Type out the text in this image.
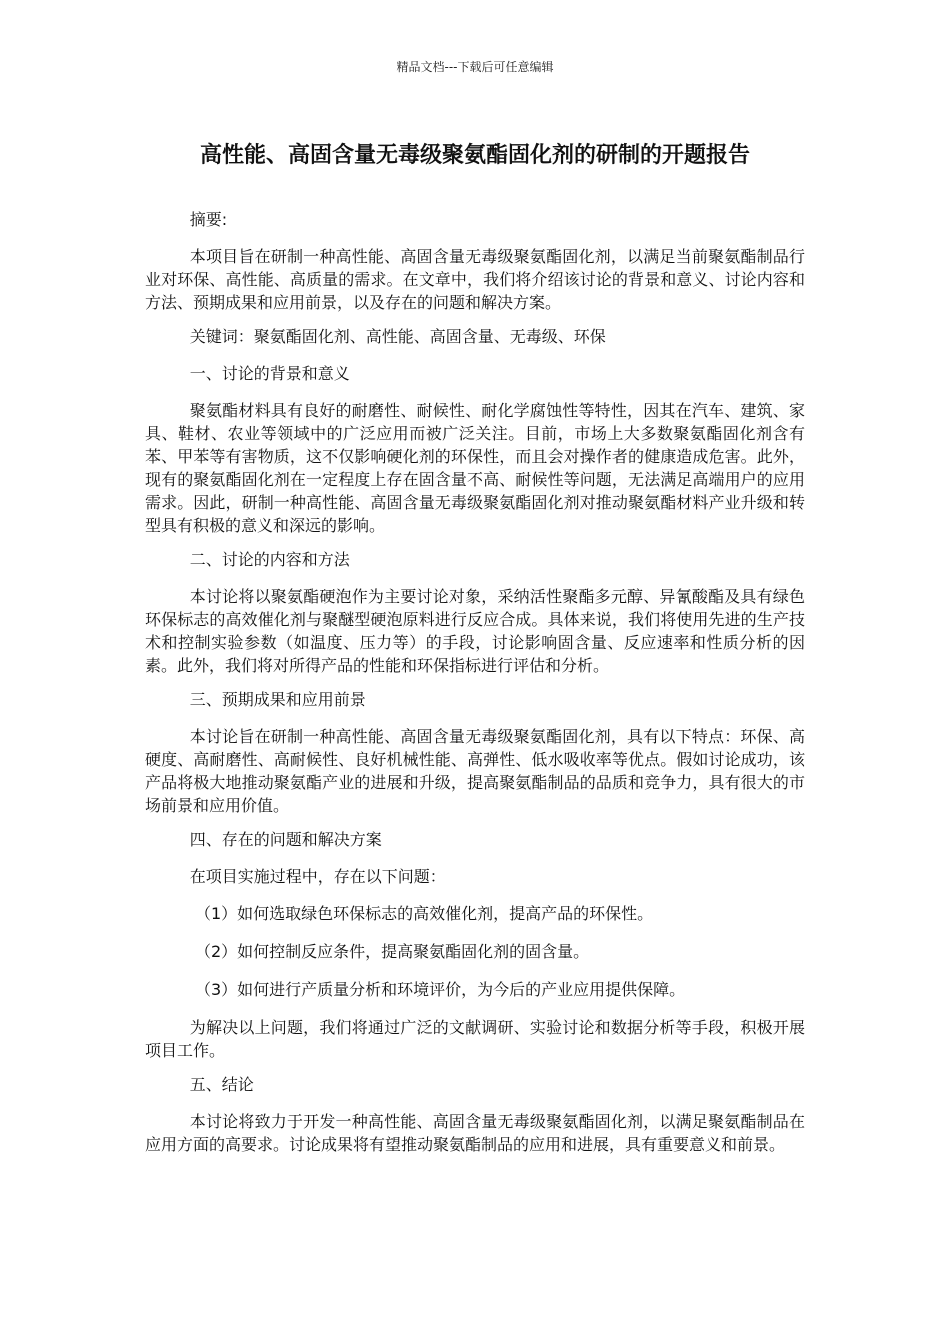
精品文档---下载后可任意编辑
高性能、高固含量无毒级聚氨酯固化剂的研制的开题报告

摘要:

本项目旨在研制一种高性能、高固含量无毒级聚氨酯固化剂，以满足当前聚氨酯制品行业对环保、高性能、高质量的需求。在文章中，我们将介绍该讨论的背景和意义、讨论内容和方法、预期成果和应用前景，以及存在的问题和解决方案。

关键词：聚氨酯固化剂、高性能、高固含量、无毒级、环保

一、讨论的背景和意义

聚氨酯材料具有良好的耐磨性、耐候性、耐化学腐蚀性等特性，因其在汽车、建筑、家具、鞋材、农业等领域中的广泛应用而被广泛关注。目前，市场上大多数聚氨酯固化剂含有苯、甲苯等有害物质，这不仅影响硬化剂的环保性，而且会对操作者的健康造成危害。此外，现有的聚氨酯固化剂在一定程度上存在固含量不高、耐候性等问题，无法满足高端用户的应用需求。因此，研制一种高性能、高固含量无毒级聚氨酯固化剂对推动聚氨酯材料产业升级和转型具有积极的意义和深远的影响。

二、讨论的内容和方法

本讨论将以聚氨酯硬泡作为主要讨论对象，采纳活性聚酯多元醇、异氰酸酯及具有绿色环保标志的高效催化剂与聚醚型硬泡原料进行反应合成。具体来说，我们将使用先进的生产技术和控制实验参数（如温度、压力等）的手段，讨论影响固含量、反应速率和性质分析的因素。此外，我们将对所得产品的性能和环保指标进行评估和分析。

三、预期成果和应用前景

本讨论旨在研制一种高性能、高固含量无毒级聚氨酯固化剂，具有以下特点：环保、高硬度、高耐磨性、高耐候性、良好机械性能、高弹性、低水吸收率等优点。假如讨论成功，该产品将极大地推动聚氨酯产业的进展和升级，提高聚氨酯制品的品质和竞争力，具有很大的市场前景和应用价值。

四、存在的问题和解决方案

在项目实施过程中，存在以下问题：

（1）如何选取绿色环保标志的高效催化剂，提高产品的环保性。

（2）如何控制反应条件，提高聚氨酯固化剂的固含量。

（3）如何进行产质量分析和环境评价，为今后的产业应用提供保障。

为解决以上问题，我们将通过广泛的文献调研、实验讨论和数据分析等手段，积极开展项目工作。

五、结论

本讨论将致力于开发一种高性能、高固含量无毒级聚氨酯固化剂，以满足聚氨酯制品在应用方面的高要求。讨论成果将有望推动聚氨酯制品的应用和进展，具有重要意义和前景。
